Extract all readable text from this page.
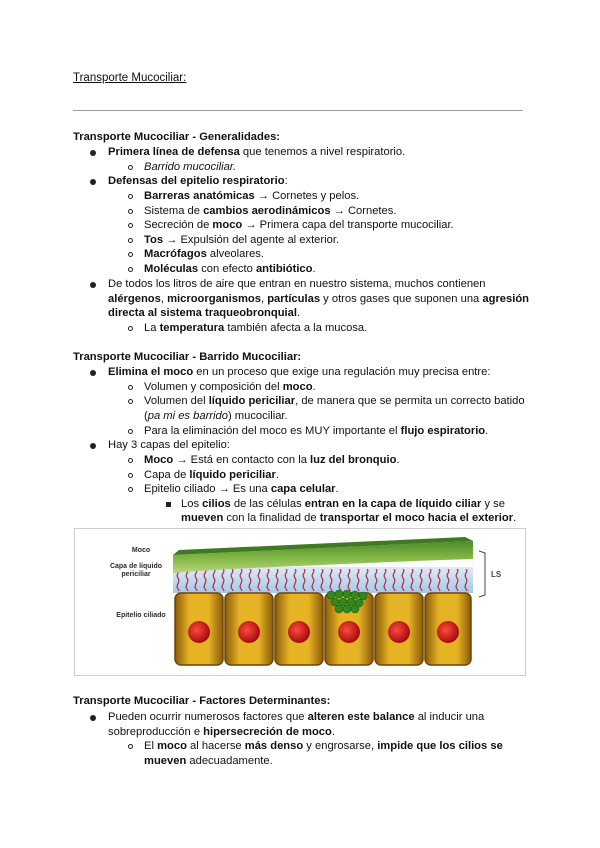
Transporte Mucociliar:
Transporte Mucociliar - Generalidades:
Primera línea de defensa que tenemos a nivel respiratorio.
Barrido mucociliar.
Defensas del epitelio respiratorio:
Barreras anatómicas → Cornetes y pelos.
Sistema de cambios aerodinámicos → Cornetes.
Secreción de moco → Primera capa del transporte mucociliar.
Tos → Expulsión del agente al exterior.
Macrófagos alveolares.
Moléculas con efecto antibiótico.
De todos los litros de aire que entran en nuestro sistema, muchos contienen
alérgenos, microorganismos, partículas y otros gases que suponen una agresión
directa al sistema traqueobronquial.
La temperatura también afecta a la mucosa.
Transporte Mucociliar - Barrido Mucociliar:
Elimina el moco en un proceso que exige una regulación muy precisa entre:
Volumen y composición del moco.
Volumen del líquido periciliar, de manera que se permita un correcto batido
(pa mi es barrido) mucociliar.
Para la eliminación del moco es MUY importante el flujo espiratorio.
Hay 3 capas del epitelio:
Moco → Está en contacto con la luz del bronquio.
Capa de líquido periciliar.
Epitelio ciliado → Es una capa celular.
Los cilios de las células entran en la capa de líquido ciliar y se
mueven con la finalidad de transportar el moco hacia el exterior.
Moco
Capa de líquido periciliar
Epitelio ciliado
LS
Transporte Mucociliar - Factores Determinantes:
Pueden ocurrir numerosos factores que alteren este balance al inducir una
sobreproducción e hipersecreción de moco.
El moco al hacerse más denso y engrosarse, impide que los cilios se
mueven adecuadamente.
